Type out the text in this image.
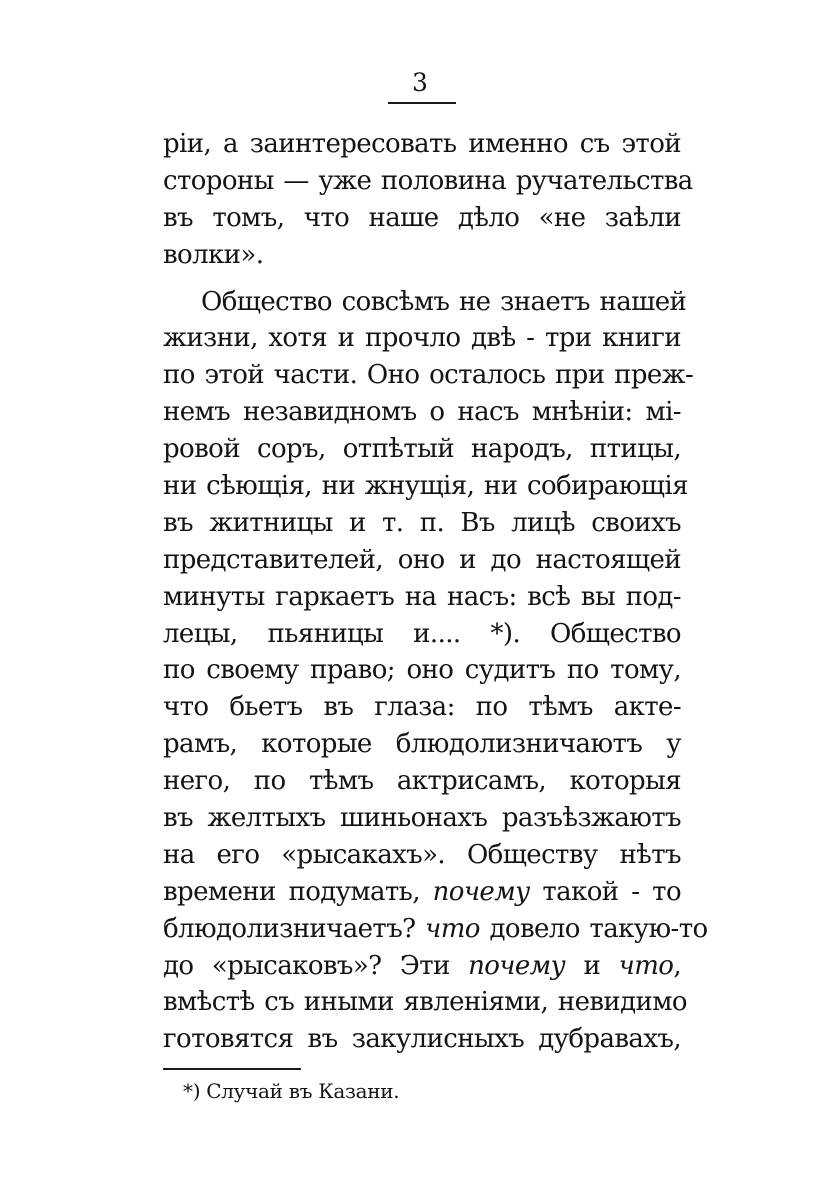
3
ріи, а заинтересовать именно съ этой
стороны — уже половина ручательства
въ томъ, что наше дѣло «не заѣли
волки».
Общество совсѣмъ не знаетъ нашей
жизни, хотя и прочло двѣ - три книги
по этой части. Оно осталось при преж-
немъ незавидномъ о насъ мнѣніи: мі-
ровой соръ, отпѣтый народъ, птицы,
ни сѣющія, ни жнущія, ни собирающія
въ житницы и т. п. Въ лицѣ своихъ
представителей, оно и до настоящей
минуты гаркаетъ на насъ: всѣ вы под-
лецы, пьяницы и.... *). Общество
по своему право; оно судитъ по тому,
что бьетъ въ глаза: по тѣмъ акте-
рамъ, которые блюдолизничаютъ у
него, по тѣмъ актрисамъ, которыя
въ желтыхъ шиньонахъ разъѣзжаютъ
на его «рысакахъ». Обществу нѣтъ
времени подумать, почему такой - то
блюдолизничаетъ? что довело такую-то
до «рысаковъ»? Эти почему и что,
вмѣстѣ съ иными явленіями, невидимо
готовятся въ закулисныхъ дубравахъ,
*) Случай въ Казани.
